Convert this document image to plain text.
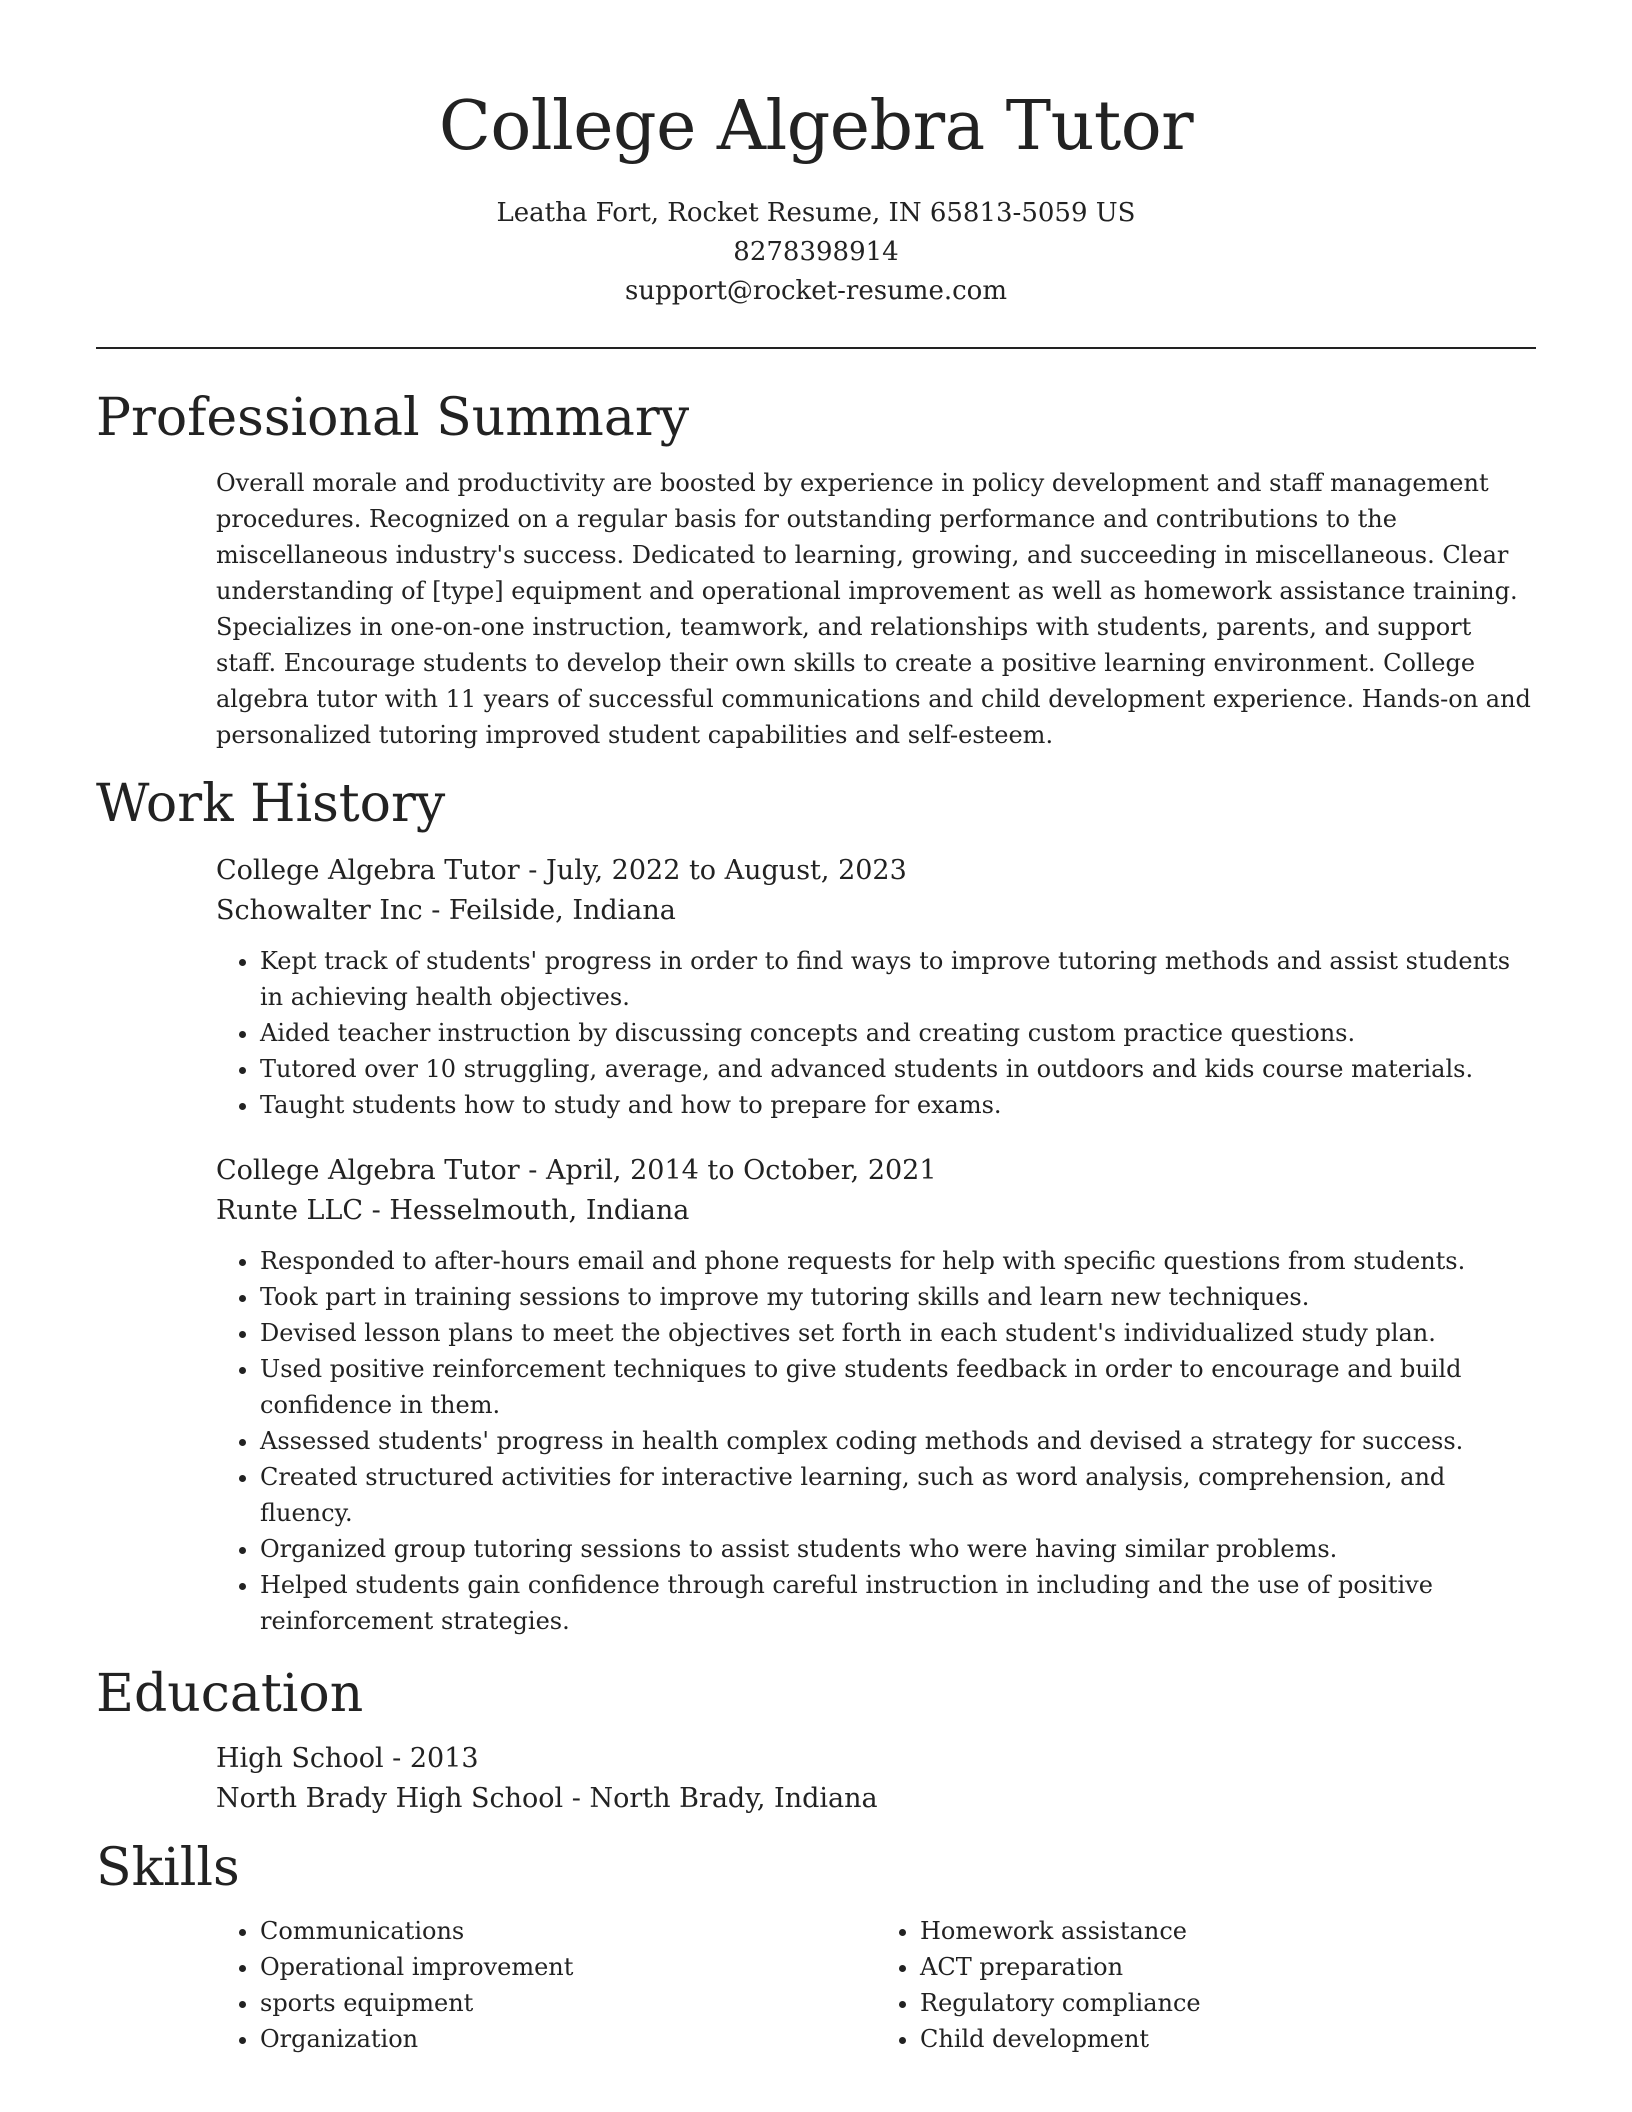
College Algebra Tutor
Leatha Fort, Rocket Resume, IN 65813-5059 US
8278398914
support@rocket-resume.com
Professional Summary

Overall morale and productivity are boosted by experience in policy development and staff management procedures. Recognized on a regular basis for outstanding performance and contributions to the miscellaneous industry's success. Dedicated to learning, growing, and succeeding in miscellaneous. Clear understanding of [type] equipment and operational improvement as well as homework assistance training. Specializes in one-on-one instruction, teamwork, and relationships with students, parents, and support staff. Encourage students to develop their own skills to create a positive learning environment. College algebra tutor with 11 years of successful communications and child development experience. Hands-on and personalized tutoring improved student capabilities and self-esteem.

Work History
College Algebra Tutor - July, 2022 to August, 2023
Schowalter Inc - Feilside, Indiana
• Kept track of students' progress in order to find ways to improve tutoring methods and assist students in achieving health objectives.
• Aided teacher instruction by discussing concepts and creating custom practice questions.
• Tutored over 10 struggling, average, and advanced students in outdoors and kids course materials.
• Taught students how to study and how to prepare for exams.
College Algebra Tutor - April, 2014 to October, 2021
Runte LLC - Hesselmouth, Indiana
• Responded to after-hours email and phone requests for help with specific questions from students.
• Took part in training sessions to improve my tutoring skills and learn new techniques.
• Devised lesson plans to meet the objectives set forth in each student's individualized study plan.
• Used positive reinforcement techniques to give students feedback in order to encourage and build confidence in them.
• Assessed students' progress in health complex coding methods and devised a strategy for success.
• Created structured activities for interactive learning, such as word analysis, comprehension, and fluency.
• Organized group tutoring sessions to assist students who were having similar problems.
• Helped students gain confidence through careful instruction in including and the use of positive reinforcement strategies.
Education
High School - 2013
North Brady High School - North Brady, Indiana
Skills
• Communications
• Operational improvement
• sports equipment
• Organization
• Homework assistance
• ACT preparation
• Regulatory compliance
• Child development
